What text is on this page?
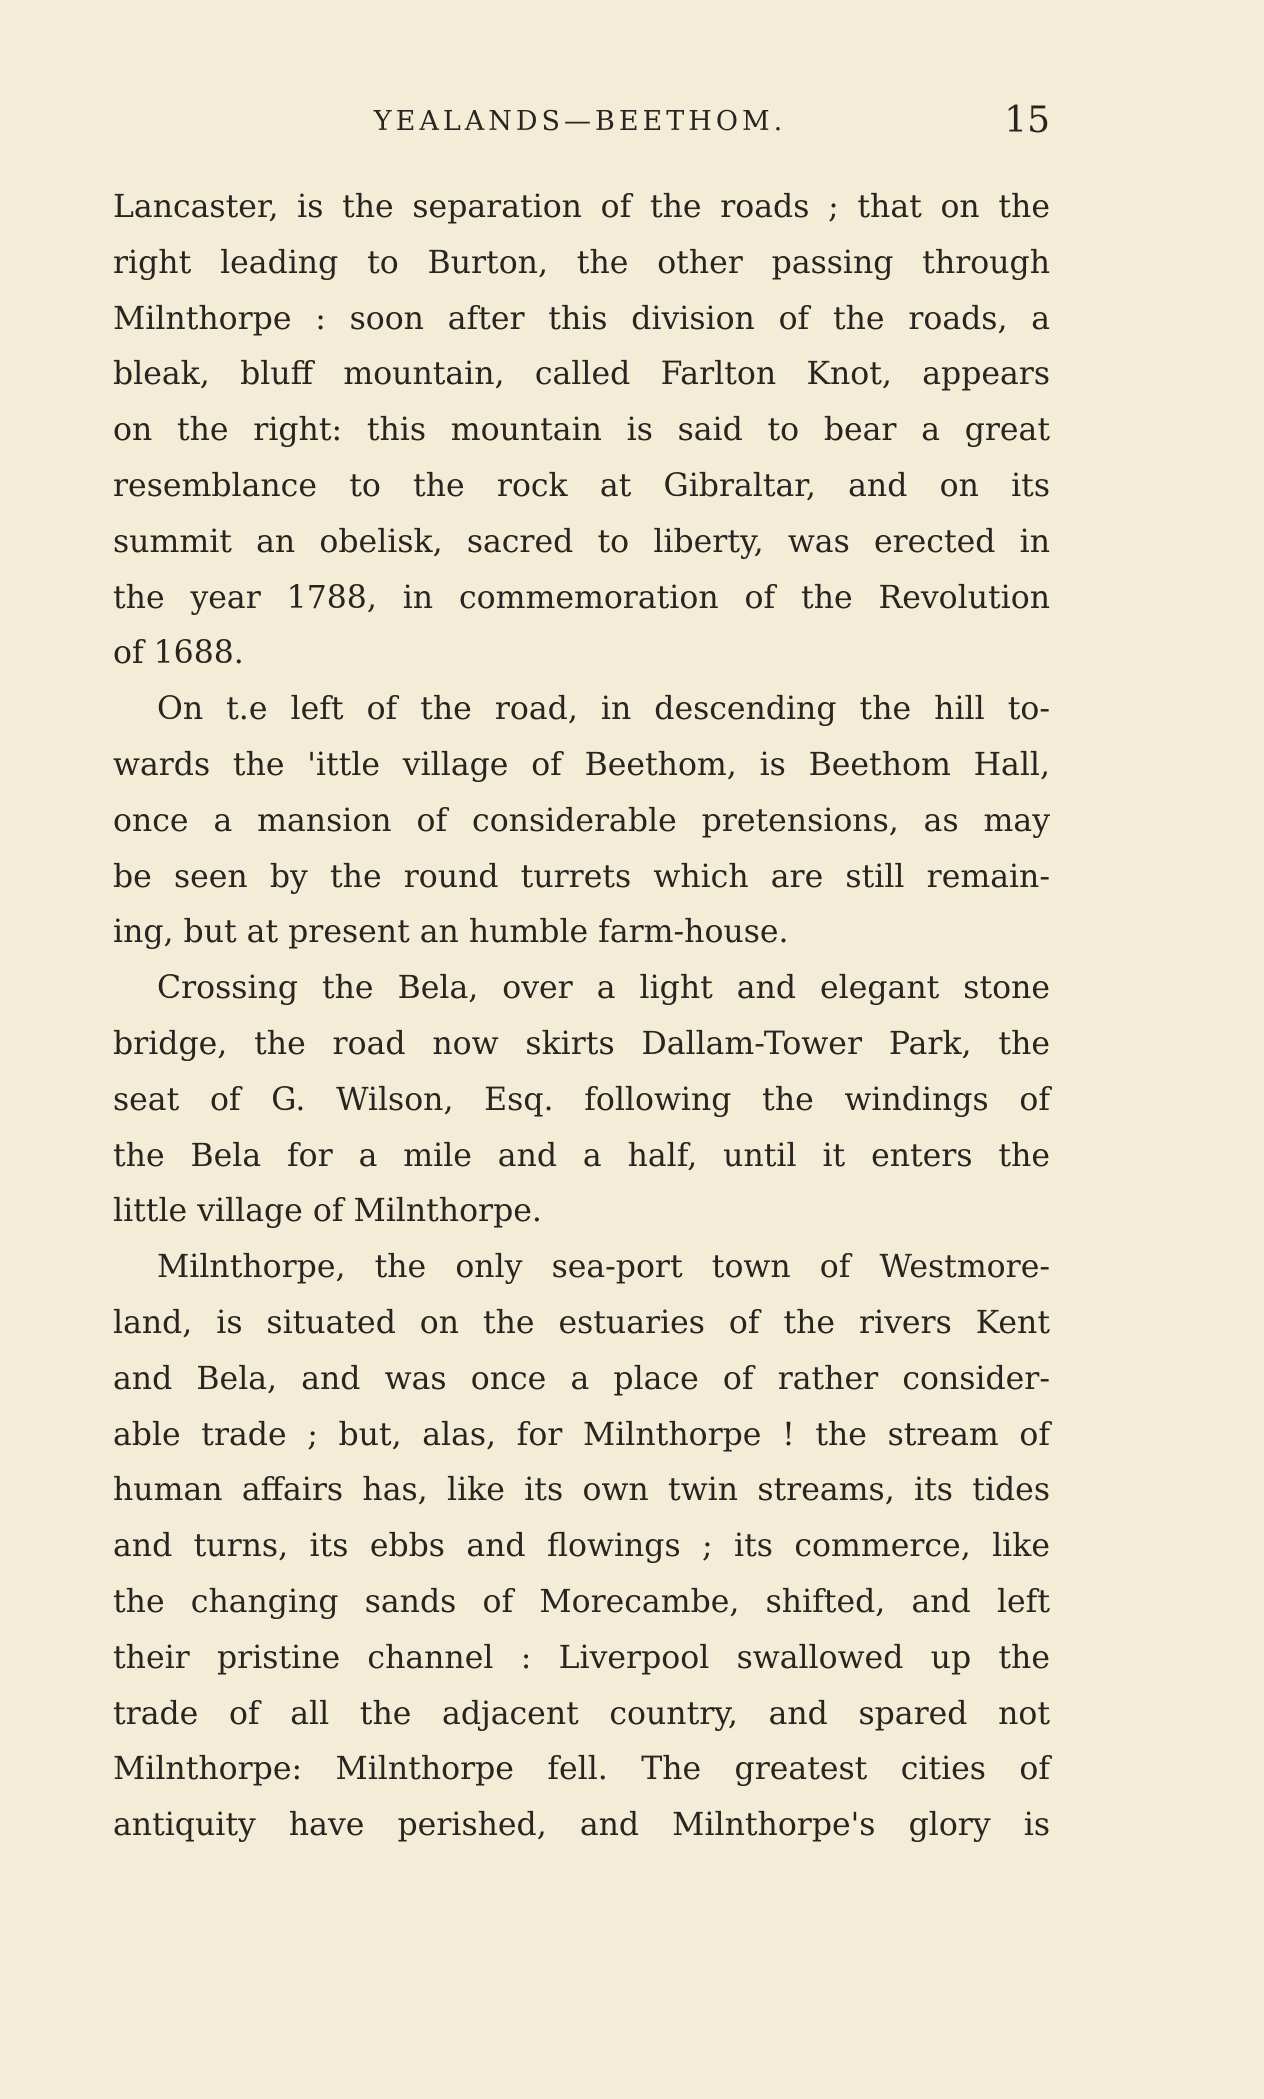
YEALANDS—BEETHOM.	15
Lancaster, is the separation of the roads ; that on the
right leading to Burton, the other passing through
Milnthorpe : soon after this division of the roads, a
bleak, bluff mountain, called Farlton Knot, appears
on the right: this mountain is said to bear a great
resemblance to the rock at Gibraltar, and on its
summit an obelisk, sacred to liberty, was erected in
the year 1788, in commemoration of the Revolution
of 1688.
On t.e left of the road, in descending the hill to-
wards the 'ittle village of Beethom, is Beethom Hall,
once a mansion of considerable pretensions, as may
be seen by the round turrets which are still remain-
ing, but at present an humble farm-house.
Crossing the Bela, over a light and elegant stone
bridge, the road now skirts Dallam-Tower Park, the
seat of G. Wilson, Esq. following the windings of
the Bela for a mile and a half, until it enters the
little village of Milnthorpe.
Milnthorpe, the only sea-port town of Westmore-
land, is situated on the estuaries of the rivers Kent
and Bela, and was once a place of rather consider-
able trade ; but, alas, for Milnthorpe ! the stream of
human affairs has, like its own twin streams, its tides
and turns, its ebbs and flowings ; its commerce, like
the changing sands of Morecambe, shifted, and left
their pristine channel : Liverpool swallowed up the
trade of all the adjacent country, and spared not
Milnthorpe: Milnthorpe fell. The greatest cities of
antiquity have perished, and Milnthorpe's glory is
